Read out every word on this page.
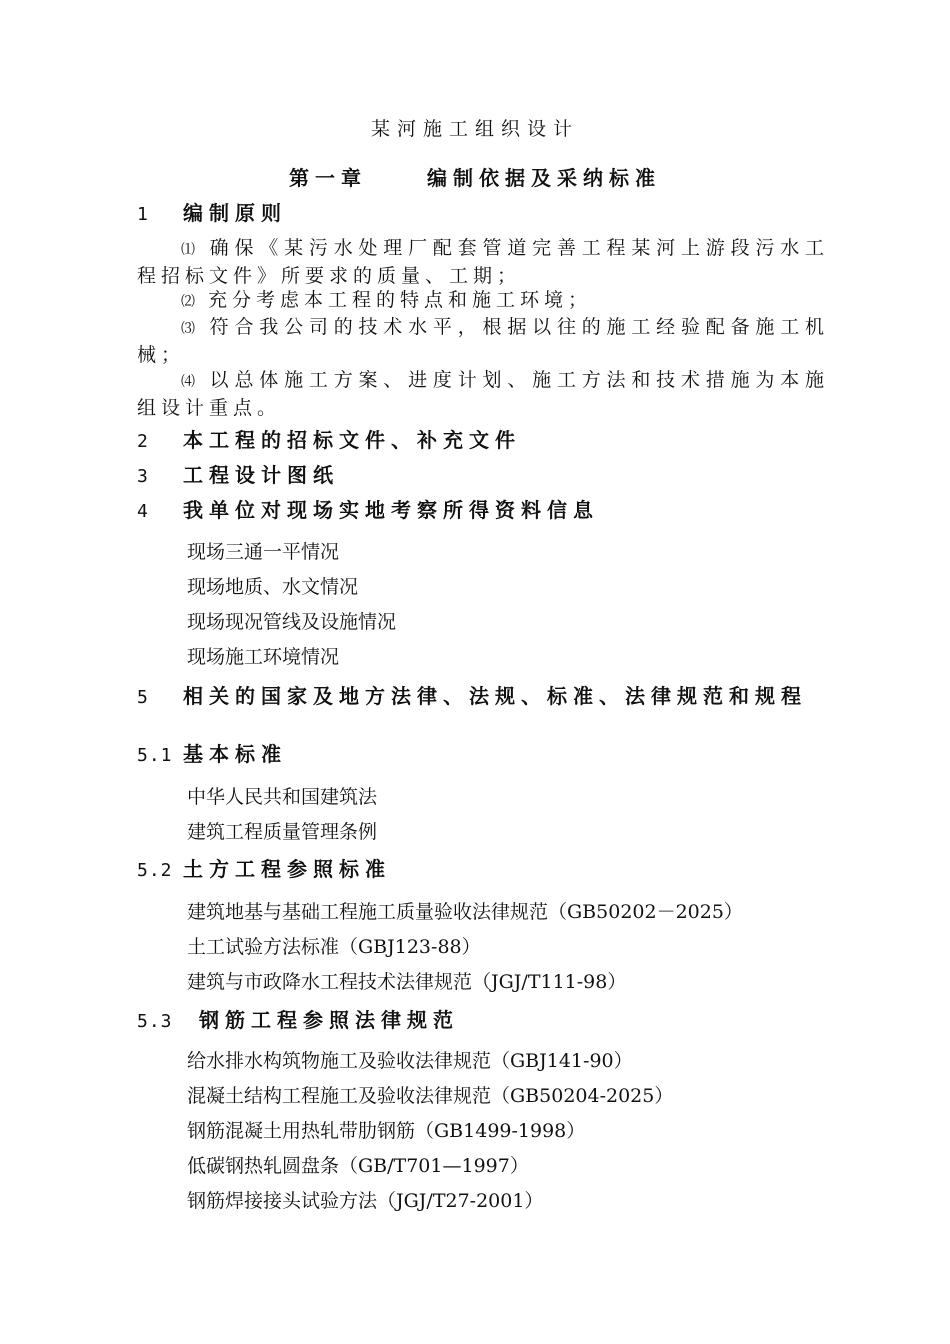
某河施工组织设计
第一章	编制依据及采纳标准
1 编制原则
⑴ 确保《某污水处理厂配套管道完善工程某河上游段污水工程招标文件》所要求的质量、工期；
⑵ 充分考虑本工程的特点和施工环境；
⑶ 符合我公司的技术水平，根据以往的施工经验配备施工机械；
⑷ 以总体施工方案、进度计划、施工方法和技术措施为本施组设计重点。
2 本工程的招标文件、补充文件
3 工程设计图纸
4 我单位对现场实地考察所得资料信息
现场三通一平情况
现场地质、水文情况
现场现况管线及设施情况
现场施工环境情况
5 相关的国家及地方法律、法规、标准、法律规范和规程
5.1 基本标准
中华人民共和国建筑法
建筑工程质量管理条例
5.2 土方工程参照标准
建筑地基与基础工程施工质量验收法律规范（GB50202－2025）
土工试验方法标准（GBJ123-88）
建筑与市政降水工程技术法律规范（JGJ/T111-98）
5.3 钢筋工程参照法律规范
给水排水构筑物施工及验收法律规范（GBJ141-90）
混凝土结构工程施工及验收法律规范（GB50204-2025）
钢筋混凝土用热轧带肋钢筋（GB1499-1998）
低碳钢热轧圆盘条（GB/T701—1997）
钢筋焊接接头试验方法（JGJ/T27-2001）
